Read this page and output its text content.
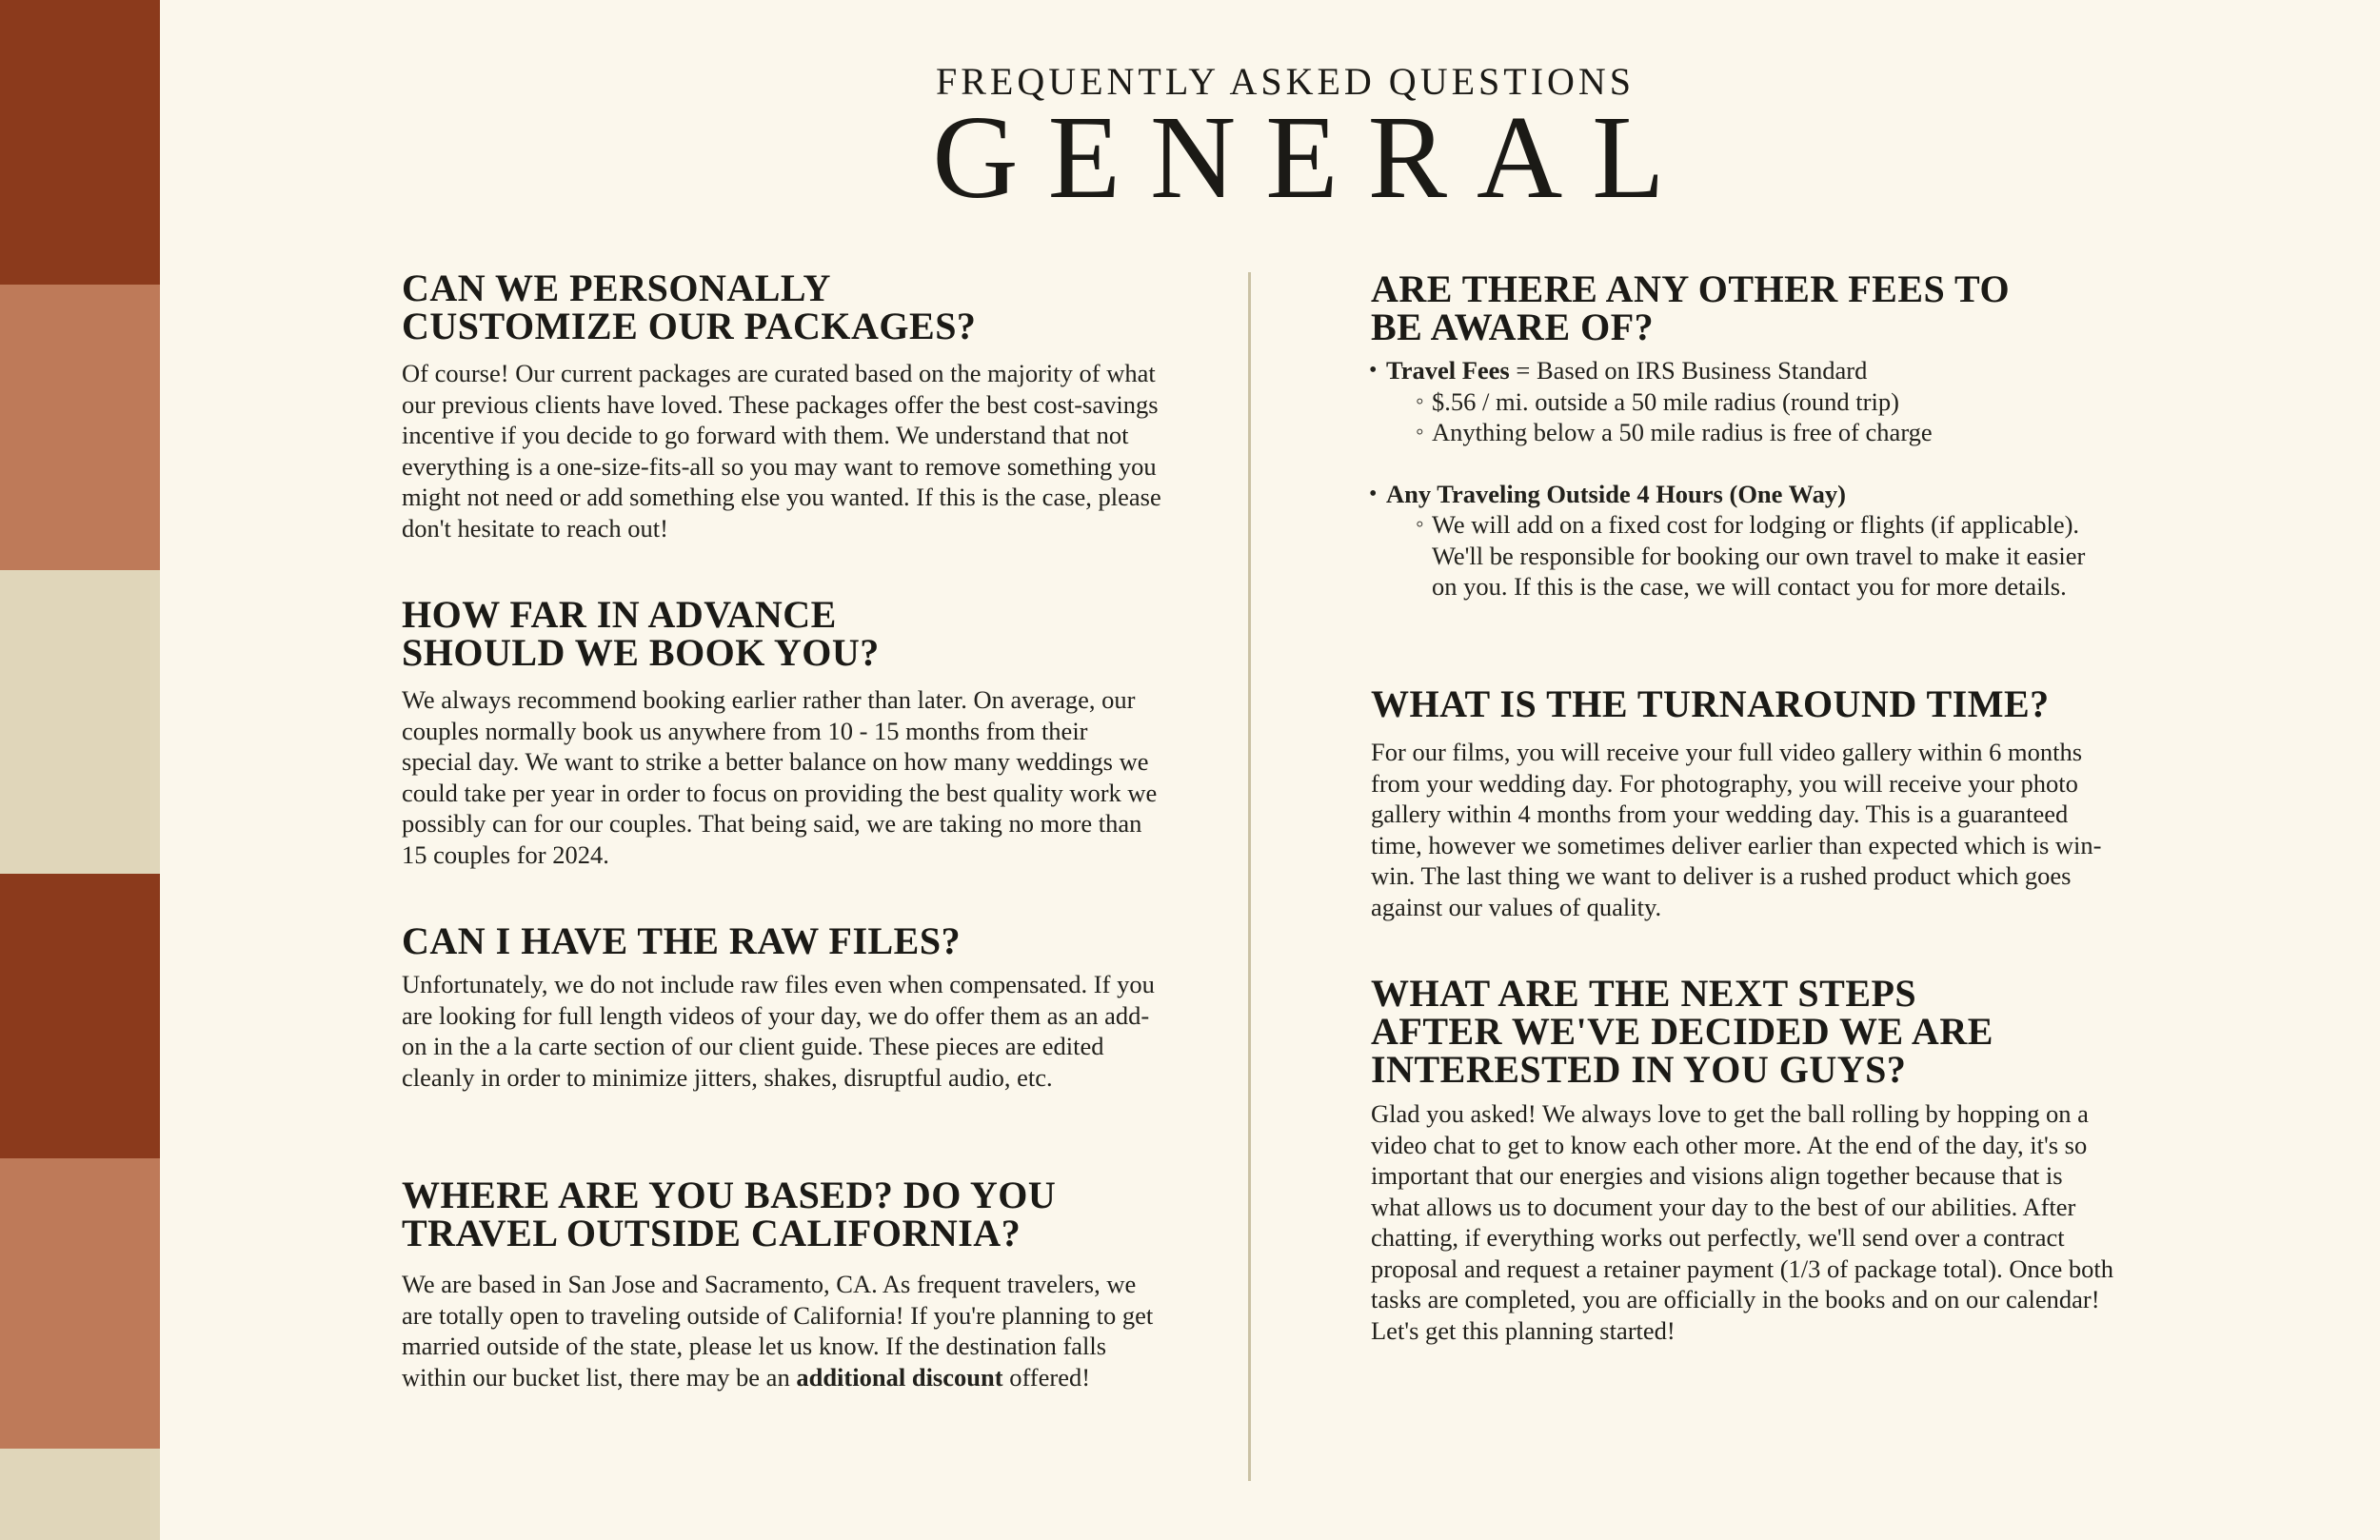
FREQUENTLY ASKED QUESTIONS
GENERAL
CAN WE PERSONALLY
CUSTOMIZE OUR PACKAGES?

Of course! Our current packages are curated based on the majority of what our previous clients have loved. These packages offer the best cost-savings incentive if you decide to go forward with them. We understand that not everything is a one-size-fits-all so you may want to remove something you might not need or add something else you wanted. If this is the case, please don't hesitate to reach out!

HOW FAR IN ADVANCE
SHOULD WE BOOK YOU?

We always recommend booking earlier rather than later. On average, our couples normally book us anywhere from 10 - 15 months from their special day. We want to strike a better balance on how many weddings we could take per year in order to focus on providing the best quality work we possibly can for our couples. That being said, we are taking no more than 15 couples for 2024.

CAN I HAVE THE RAW FILES?

Unfortunately, we do not include raw files even when compensated. If you are looking for full length videos of your day, we do offer them as an add-on in the a la carte section of our client guide. These pieces are edited cleanly in order to minimize jitters, shakes, disruptful audio, etc.

WHERE ARE YOU BASED? DO YOU
TRAVEL OUTSIDE CALIFORNIA?

We are based in San Jose and Sacramento, CA. As frequent travelers, we are totally open to traveling outside of California! If you're planning to get married outside of the state, please let us know. If the destination falls within our bucket list, there may be an additional discount offered!

ARE THERE ANY OTHER FEES TO
BE AWARE OF?
• Travel Fees = Based on IRS Business Standard
◦ $.56 / mi. outside a 50 mile radius (round trip)
◦ Anything below a 50 mile radius is free of charge
• Any Traveling Outside 4 Hours (One Way)
◦ We will add on a fixed cost for lodging or flights (if applicable). We'll be responsible for booking our own travel to make it easier on you. If this is the case, we will contact you for more details.
WHAT IS THE TURNAROUND TIME?

For our films, you will receive your full video gallery within 6 months from your wedding day. For photography, you will receive your photo gallery within 4 months from your wedding day. This is a guaranteed time, however we sometimes deliver earlier than expected which is win-win. The last thing we want to deliver is a rushed product which goes against our values of quality.

WHAT ARE THE NEXT STEPS
AFTER WE'VE DECIDED WE ARE
INTERESTED IN YOU GUYS?

Glad you asked! We always love to get the ball rolling by hopping on a video chat to get to know each other more. At the end of the day, it's so important that our energies and visions align together because that is what allows us to document your day to the best of our abilities. After chatting, if everything works out perfectly, we'll send over a contract proposal and request a retainer payment (1/3 of package total). Once both tasks are completed, you are officially in the books and on our calendar! Let's get this planning started!
